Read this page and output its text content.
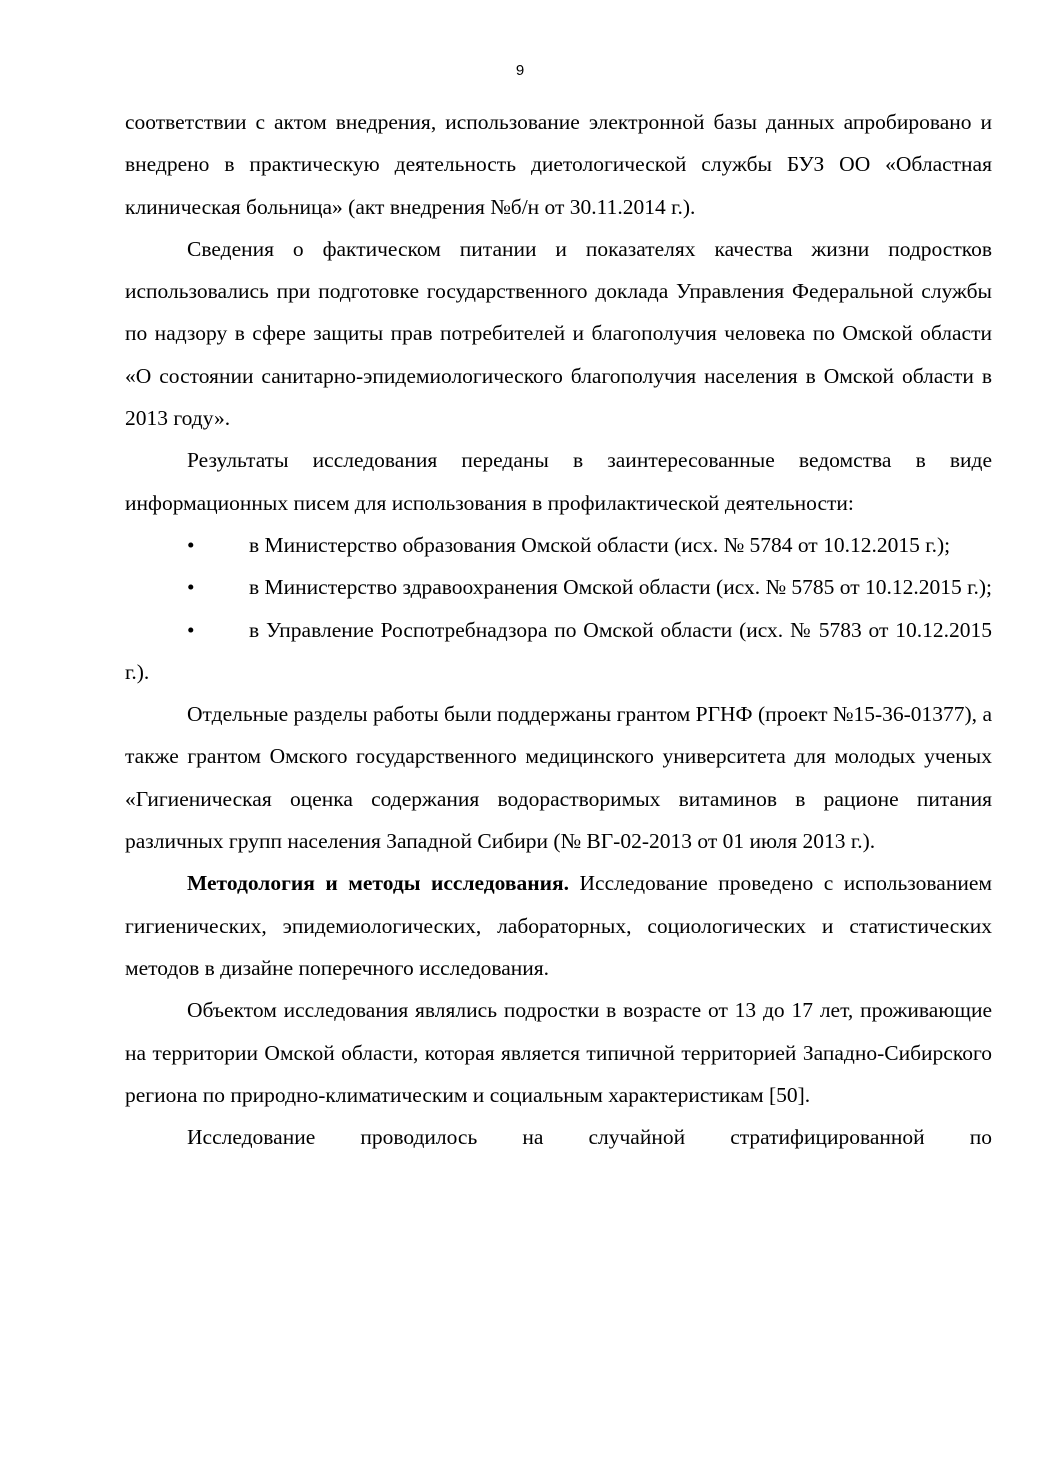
9

соответствии с актом внедрения, использование электронной базы данных апробировано и внедрено в практическую деятельность диетологической службы БУЗ ОО «Областная клиническая больница» (акт внедрения №б/н от 30.11.2014 г.).

Сведения о фактическом питании и показателях качества жизни подростков использовались при подготовке государственного доклада Управления Федеральной службы по надзору в сфере защиты прав потребителей и благополучия человека по Омской области «О состоянии санитарно-эпидемиологического благополучия населения в Омской области в 2013 году».

Результаты исследования переданы в заинтересованные ведомства в виде информационных писем для использования в профилактической деятельности:

•	в Министерство образования Омской области (исх. № 5784 от 10.12.2015 г.);

•	в Министерство здравоохранения Омской области (исх. № 5785 от 10.12.2015 г.);

•	в Управление Роспотребнадзора по Омской области (исх. № 5783 от 10.12.2015 г.).

Отдельные разделы работы были поддержаны грантом РГНФ (проект №15-36-01377), а также грантом Омского государственного медицинского университета для молодых ученых «Гигиеническая оценка содержания водорастворимых витаминов в рационе питания различных групп населения Западной Сибири (№ ВГ-02-2013 от 01 июля 2013 г.).

Методология и методы исследования. Исследование проведено с использованием гигиенических, эпидемиологических, лабораторных, социологических и статистических методов в дизайне поперечного исследования.

Объектом исследования являлись подростки в возрасте от 13 до 17 лет, проживающие на территории Омской области, которая является типичной территорией Западно-Сибирского региона по природно-климатическим и социальным характеристикам [50].

Исследование проводилось на случайной стратифицированной по
